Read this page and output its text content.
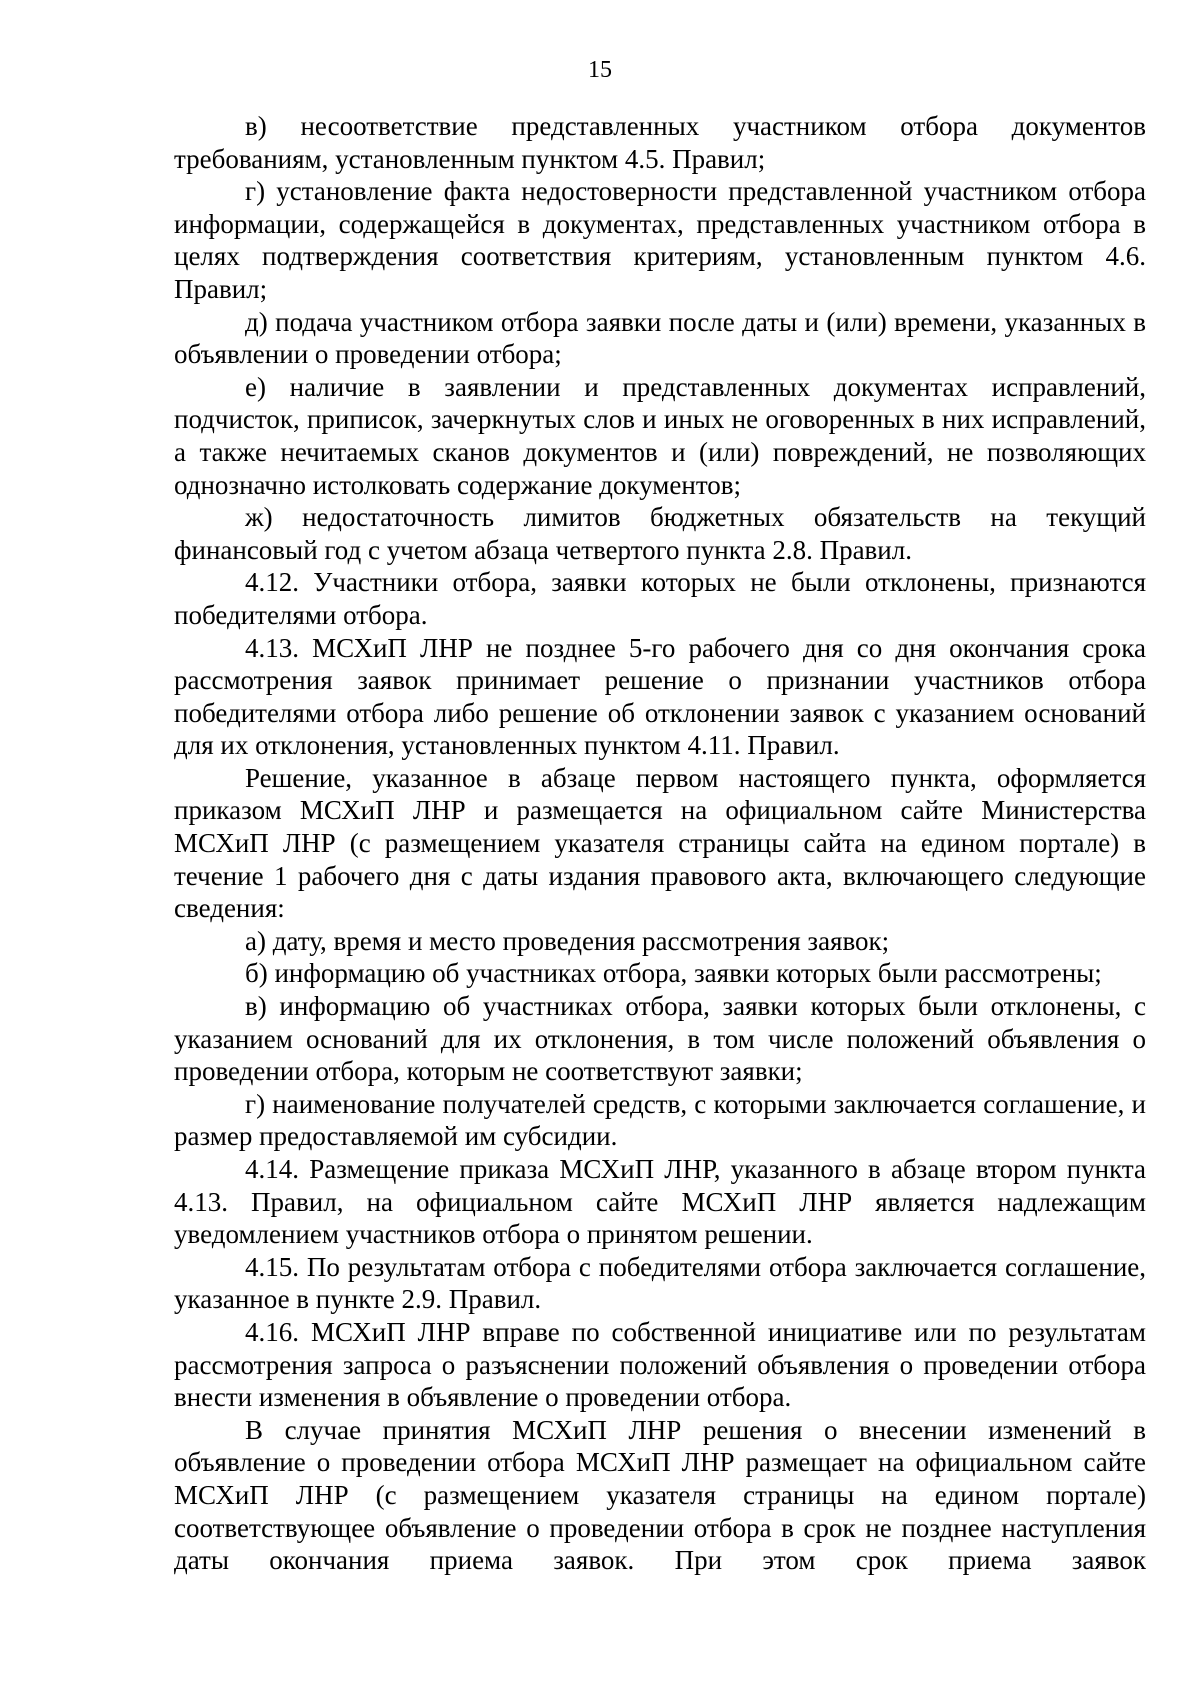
15

в) несоответствие представленных участником отбора документов требованиям, установленным пунктом 4.5. Правил;

г) установление факта недостоверности представленной участником отбора информации, содержащейся в документах, представленных участником отбора в целях подтверждения соответствия критериям, установленным пунктом 4.6. Правил;

д) подача участником отбора заявки после даты и (или) времени, указанных в объявлении о проведении отбора;

е) наличие в заявлении и представленных документах исправлений, подчисток, приписок, зачеркнутых слов и иных не оговоренных в них исправлений, а также нечитаемых сканов документов и (или) повреждений, не позволяющих однозначно истолковать содержание документов;

ж) недостаточность лимитов бюджетных обязательств на текущий финансовый год с учетом абзаца четвертого пункта 2.8. Правил.

4.12. Участники отбора, заявки которых не были отклонены, признаются победителями отбора.

4.13. МСХиП ЛНР не позднее 5-го рабочего дня со дня окончания срока рассмотрения заявок принимает решение о признании участников отбора победителями отбора либо решение об отклонении заявок с указанием оснований для их отклонения, установленных пунктом 4.11. Правил.

Решение, указанное в абзаце первом настоящего пункта, оформляется приказом МСХиП ЛНР и размещается на официальном сайте Министерства МСХиП ЛНР (с размещением указателя страницы сайта на едином портале) в течение 1 рабочего дня с даты издания правового акта, включающего следующие сведения:

а) дату, время и место проведения рассмотрения заявок;

б) информацию об участниках отбора, заявки которых были рассмотрены;

в) информацию об участниках отбора, заявки которых были отклонены, с указанием оснований для их отклонения, в том числе положений объявления о проведении отбора, которым не соответствуют заявки;

г) наименование получателей средств, с которыми заключается соглашение, и размер предоставляемой им субсидии.

4.14. Размещение приказа МСХиП ЛНР, указанного в абзаце втором пункта 4.13. Правил, на официальном сайте МСХиП ЛНР является надлежащим уведомлением участников отбора о принятом решении.

4.15. По результатам отбора с победителями отбора заключается соглашение, указанное в пункте 2.9. Правил.

4.16. МСХиП ЛНР вправе по собственной инициативе или по результатам рассмотрения запроса о разъяснении положений объявления о проведении отбора внести изменения в объявление о проведении отбора.

В случае принятия МСХиП ЛНР решения о внесении изменений в объявление о проведении отбора МСХиП ЛНР размещает на официальном сайте МСХиП ЛНР (с размещением указателя страницы на едином портале) соответствующее объявление о проведении отбора в срок не позднее наступления даты окончания приема заявок. При этом срок приема заявок
